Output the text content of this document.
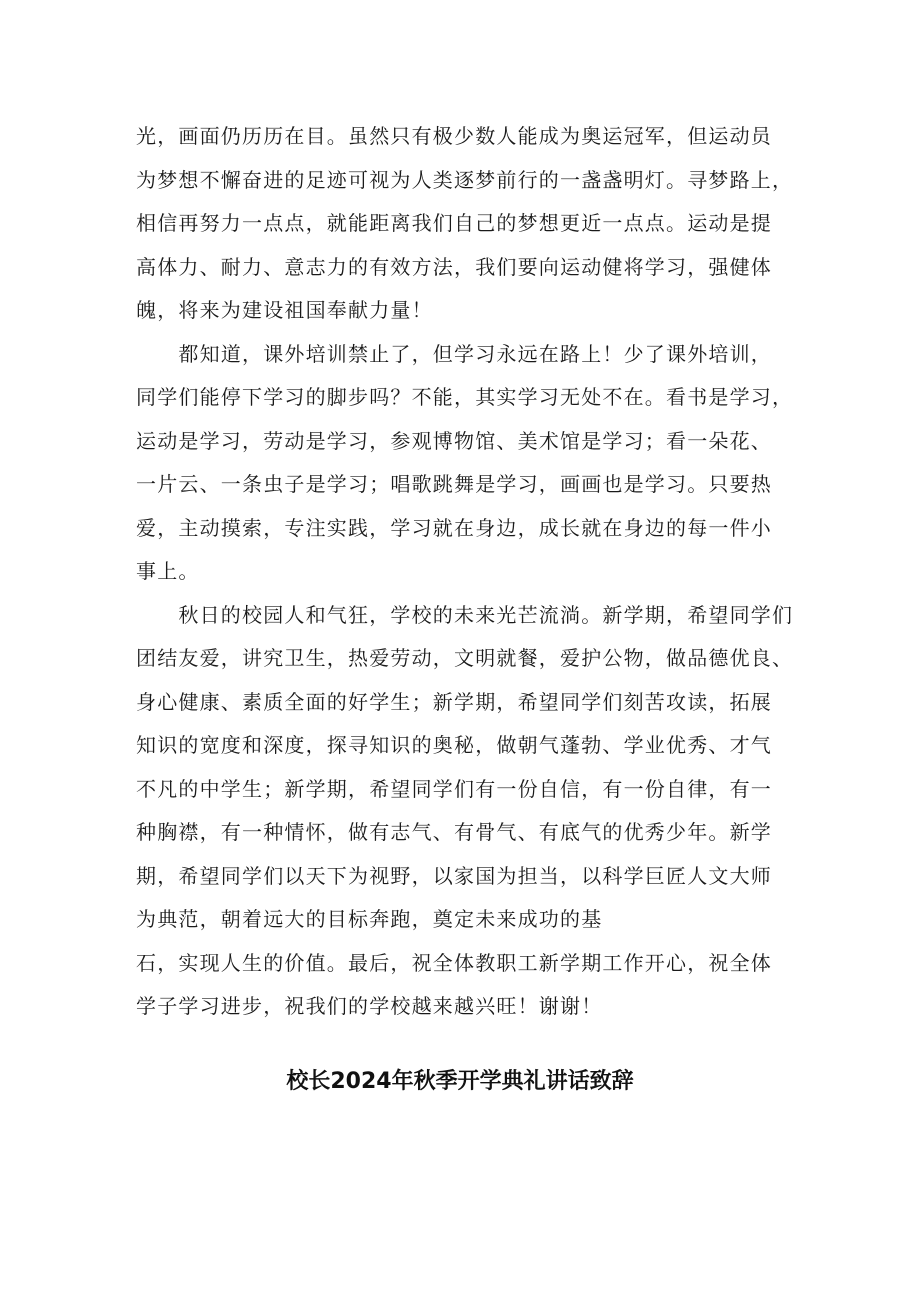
光，画面仍历历在目。虽然只有极少数人能成为奥运冠军，但运动员
为梦想不懈奋进的足迹可视为人类逐梦前行的一盏盏明灯。寻梦路上，
相信再努力一点点，就能距离我们自己的梦想更近一点点。运动是提
高体力、耐力、意志力的有效方法，我们要向运动健将学习，强健体
魄，将来为建设祖国奉献力量！
　　都知道，课外培训禁止了，但学习永远在路上！少了课外培训，
同学们能停下学习的脚步吗？不能，其实学习无处不在。看书是学习，
运动是学习，劳动是学习，参观博物馆、美术馆是学习；看一朵花、
一片云、一条虫子是学习；唱歌跳舞是学习，画画也是学习。只要热
爱，主动摸索，专注实践，学习就在身边，成长就在身边的每一件小
事上。
　　秋日的校园人和气狂，学校的未来光芒流淌。新学期，希望同学们
团结友爱，讲究卫生，热爱劳动，文明就餐，爱护公物，做品德优良、
身心健康、素质全面的好学生；新学期，希望同学们刻苦攻读，拓展
知识的宽度和深度，探寻知识的奥秘，做朝气蓬勃、学业优秀、才气
不凡的中学生；新学期，希望同学们有一份自信，有一份自律，有一
种胸襟，有一种情怀，做有志气、有骨气、有底气的优秀少年。新学
期，希望同学们以天下为视野，以家国为担当，以科学巨匠人文大师
为典范，朝着远大的目标奔跑，奠定未来成功的基
石，实现人生的价值。最后，祝全体教职工新学期工作开心，祝全体
学子学习进步，祝我们的学校越来越兴旺！谢谢！
校长2024年秋季开学典礼讲话致辞
